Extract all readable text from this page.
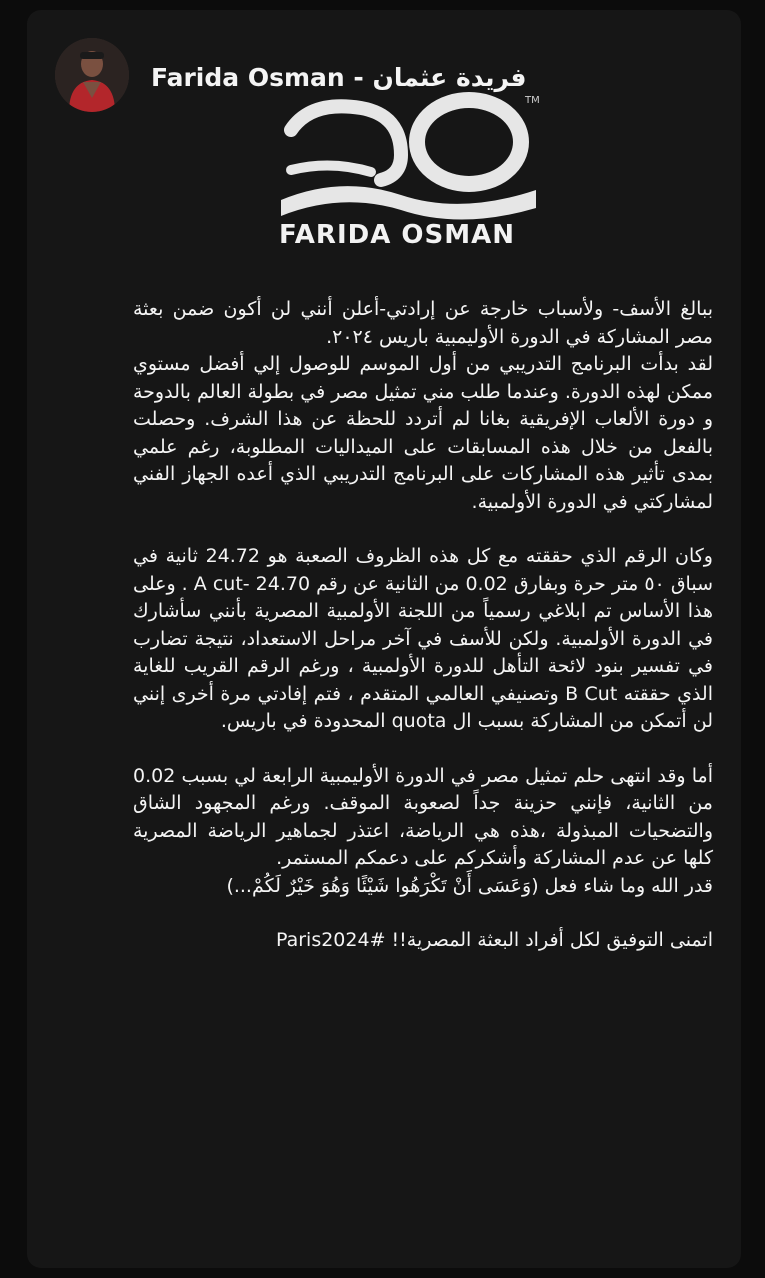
Farida Osman - فريدة عثمان
TM
FARIDA OSMAN

ببالغ الأسف- ولأسباب خارجة عن إرادتي-أعلن أنني لن أكون ضمن بعثة مصر المشاركة في الدورة الأوليمبية باريس ٢٠٢٤.

لقد بدأت البرنامج التدريبي من أول الموسم للوصول إلي أفضل مستوي ممكن لهذه الدورة. وعندما طلب مني تمثيل مصر في بطولة العالم بالدوحة و دورة الألعاب الإفريقية بغانا لم أتردد للحظة عن هذا الشرف. وحصلت بالفعل من خلال هذه المسابقات على الميداليات المطلوبة، رغم علمي بمدى تأثير هذه المشاركات على البرنامج التدريبي الذي أعده الجهاز الفني لمشاركتي في الدورة الأولمبية.

وكان الرقم الذي حققته مع كل هذه الظروف الصعبة هو 24.72 ثانية في سباق ٥٠ متر حرة وبفارق 0.02 من الثانية عن رقم A cut- 24.70 . وعلى هذا الأساس تم ابلاغي رسمياً من اللجنة الأولمبية المصرية بأنني سأشارك في الدورة الأولمبية. ولكن للأسف في آخر مراحل الاستعداد، نتيجة تضارب في تفسير بنود لائحة التأهل للدورة الأولمبية ، ورغم الرقم القريب للغاية الذي حققته B Cut وتصنيفي العالمي المتقدم ، فتم إفادتي مرة أخرى إنني لن أتمكن من المشاركة بسبب ال quota المحدودة في باريس.

أما وقد انتهى حلم تمثيل مصر في الدورة الأوليمبية الرابعة لي بسبب 0.02 من الثانية، فإنني حزينة جداً لصعوبة الموقف. ورغم المجهود الشاق والتضحيات المبذولة ،هذه هي الرياضة، اعتذر لجماهير الرياضة المصرية كلها عن عدم المشاركة وأشكركم على دعمكم المستمر.

قدر الله وما شاء فعل (وَعَسَى أَنْ تَكْرَهُوا شَيْئًا وَهُوَ خَيْرٌ لَكُمْ...)

اتمنى التوفيق لكل أفراد البعثة المصرية!! #Paris2024
